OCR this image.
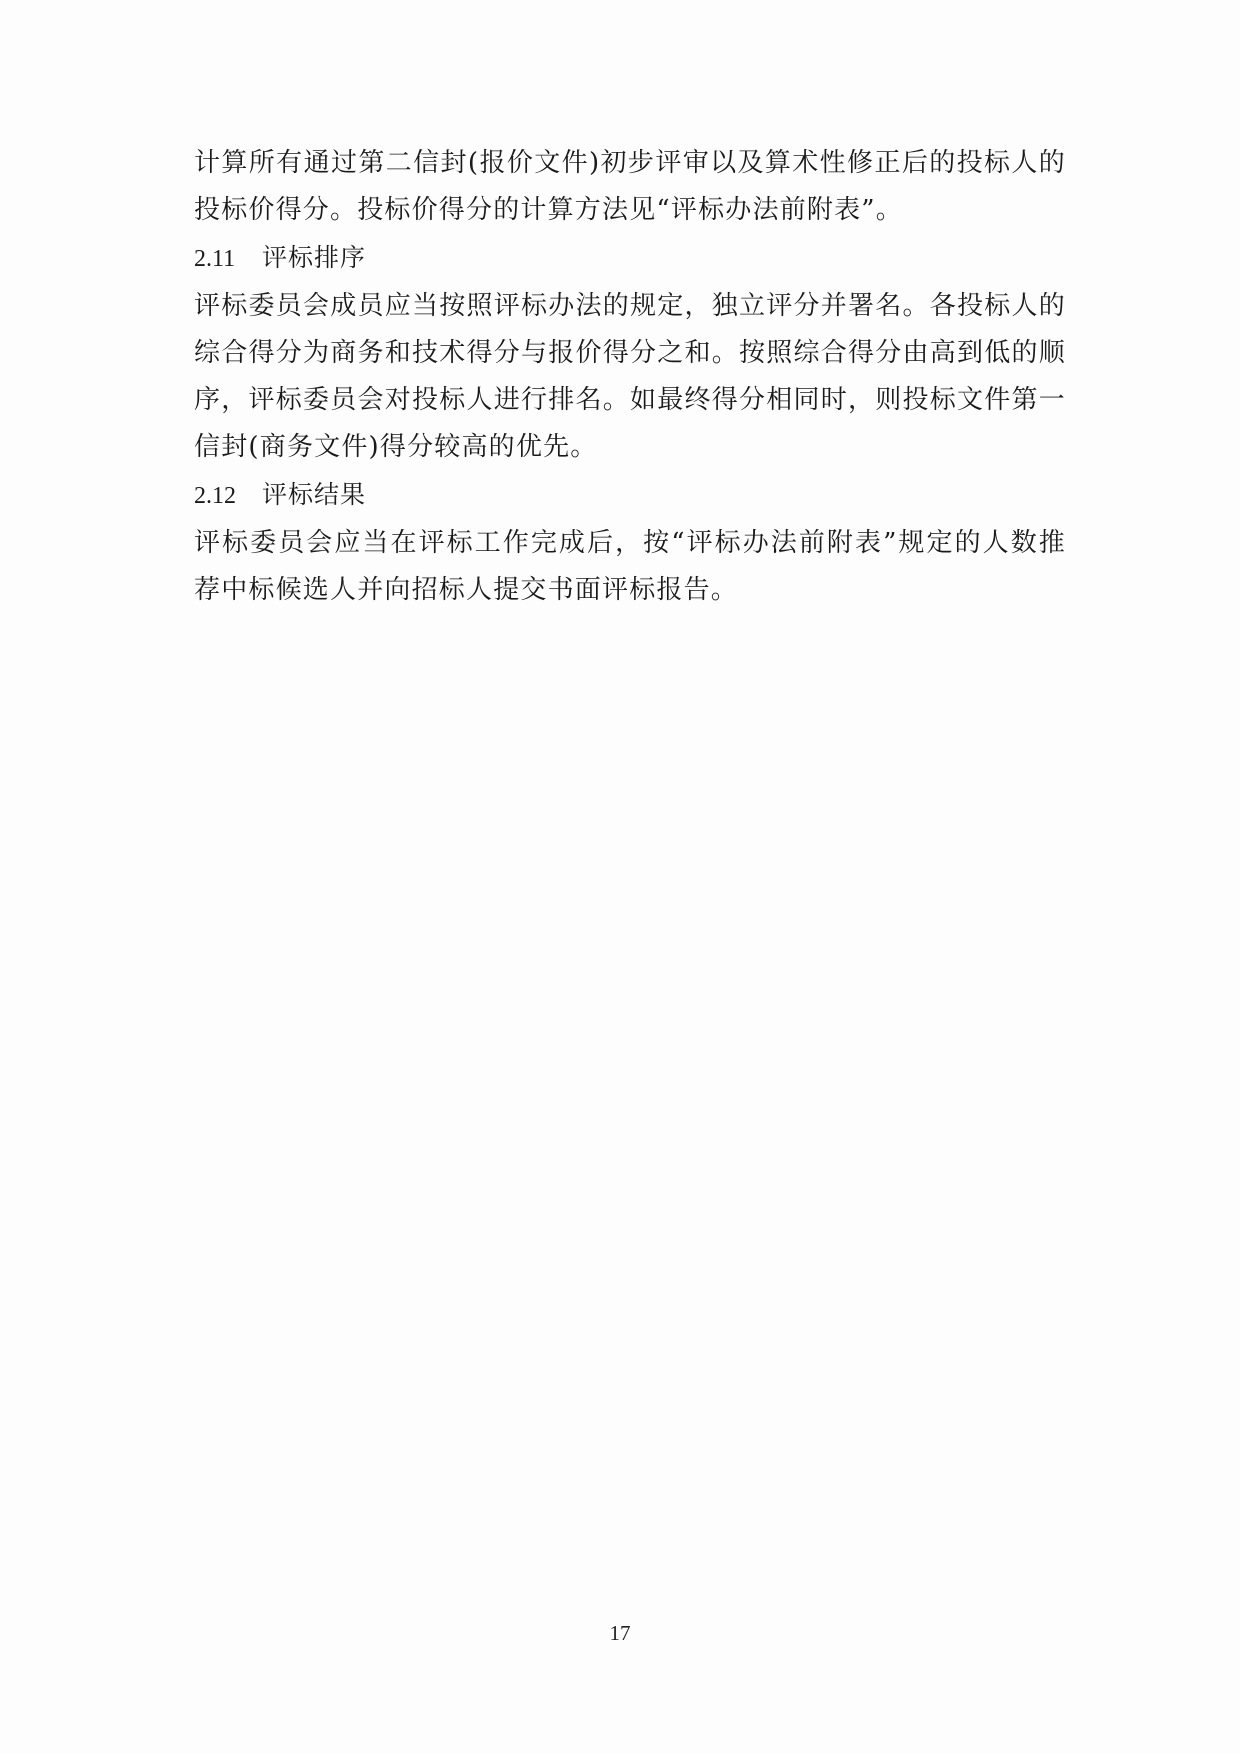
计算所有通过第二信封(报价文件)初步评审以及算术性修正后的投标人的投标价得分。投标价得分的计算方法见“评标办法前附表”。

2.11	评标排序

评标委员会成员应当按照评标办法的规定，独立评分并署名。各投标人的综合得分为商务和技术得分与报价得分之和。按照综合得分由高到低的顺序，评标委员会对投标人进行排名。如最终得分相同时，则投标文件第一信封(商务文件)得分较高的优先。

2.12	评标结果

评标委员会应当在评标工作完成后，按“评标办法前附表”规定的人数推荐中标候选人并向招标人提交书面评标报告。

17
